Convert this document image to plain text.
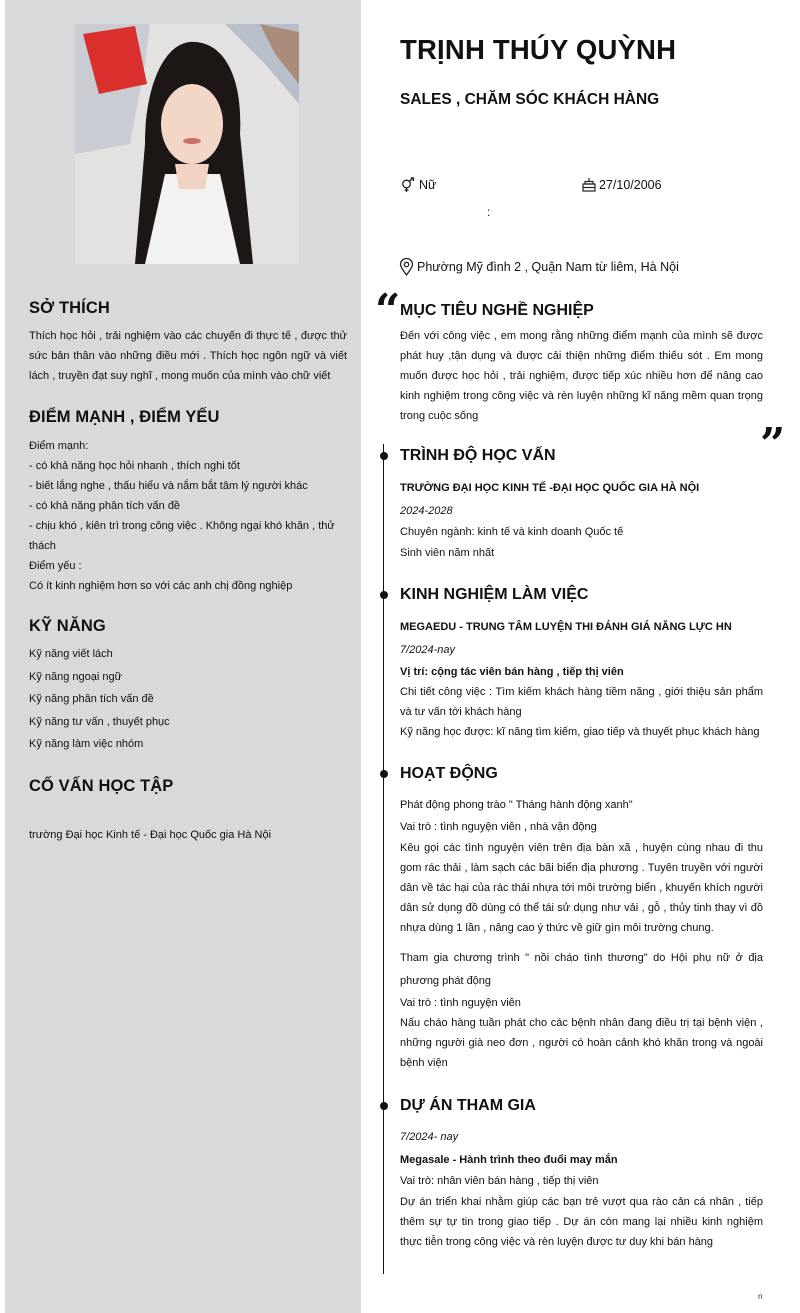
SỞ THÍCH
Thích học hỏi , trải nghiệm vào các chuyến đi thực tế , được thử sức bản thân vào những điều mới . Thích học ngôn ngữ và viết lách , truyền đạt suy nghĩ , mong muốn của mình vào chữ viết
ĐIỂM MẠNH , ĐIỂM YẾU
Điểm mạnh:
- có khả năng học hỏi nhanh , thích nghi tốt
- biết lắng nghe , thấu hiểu và nắm bắt tâm lý người khác
- có khả năng phân tích vấn đề
- chịu khó , kiên trì trong công việc . Không ngại khó khăn , thử thách
Điểm yếu :
Có ít kinh nghiệm hơn so với các anh chị đồng nghiệp
KỸ NĂNG
Kỹ năng viết lách
Kỹ năng ngoại ngữ
Kỹ năng phân tích vấn đề
Kỹ năng tư vấn , thuyết phục
Kỹ năng làm việc nhóm
CỐ VẤN HỌC TẬP
trường Đại học Kinh tế - Đại học Quốc gia Hà Nội
TRỊNH THÚY QUỲNH
SALES , CHĂM SÓC KHÁCH HÀNG
Nữ	27/10/2006
:
Phường Mỹ đình 2 , Quận Nam từ liêm, Hà Nội
“
”
MỤC TIÊU NGHỀ NGHIỆP
Đến với công việc , em mong rằng những điểm mạnh của mình sẽ được phát huy ,tận dụng và được cải thiện những điểm thiếu sót . Em mong muốn được học hỏi , trải nghiệm, được tiếp xúc nhiều hơn để nâng cao kinh nghiệm trong công việc và rèn luyện những kĩ năng mềm quan trọng trong cuộc sống
TRÌNH ĐỘ HỌC VẤN
TRƯỜNG ĐẠI HỌC KINH TẾ -ĐẠI HỌC QUỐC GIA HÀ NỘI
2024-2028
Chuyên ngành: kinh tế và kinh doanh Quốc tế
Sinh viên năm nhất
KINH NGHIỆM LÀM VIỆC
MEGAEDU - TRUNG TÂM LUYỆN THI ĐÁNH GIÁ NĂNG LỰC HN
7/2024-nay
Vị trí: cộng tác viên bán hàng , tiếp thị viên
Chi tiết công việc : Tìm kiếm khách hàng tiềm năng , giới thiệu sản phẩm và tư vấn tới khách hàng
Kỹ năng học được: kĩ năng tìm kiếm, giao tiếp và thuyết phục khách hàng
HOẠT ĐỘNG
Phát động phong trào " Tháng hành động xanh"
Vai trò : tình nguyện viên , nhà vận động
Kêu gọi các tình nguyện viên trên địa bàn xã , huyện cùng nhau đi thu gom rác thải , làm sạch các bãi biển địa phương . Tuyên truyền với người dân về tác hại của rác thải nhựa tới môi trường biển , khuyến khích người dân sử dụng đồ dùng có thể tái sử dụng như vải , gỗ , thủy tinh thay vì đồ nhựa dùng 1 lần , nâng cao ý thức về giữ gìn môi trường chung.
Tham gia chương trình " nồi cháo tình thương" do Hội phụ nữ ở địa phương phát động
Vai trò : tình nguyện viên
Nấu cháo hàng tuần phát cho các bệnh nhân đang điều trị tại bệnh viện , những người già neo đơn , người có hoàn cảnh khó khăn trong và ngoài bệnh viện
DỰ ÁN THAM GIA
7/2024- nay
Megasale - Hành trình theo đuổi may mắn
Vai trò: nhân viên bán hàng , tiếp thị viên
Dự án triển khai nhằm giúp các bạn trẻ vượt qua rào cản cá nhân , tiếp thêm sự tự tin trong giao tiếp . Dự án còn mang lại nhiều kinh nghiệm thực tiễn trong công việc và rèn luyện được tư duy khi bán hàng
n
